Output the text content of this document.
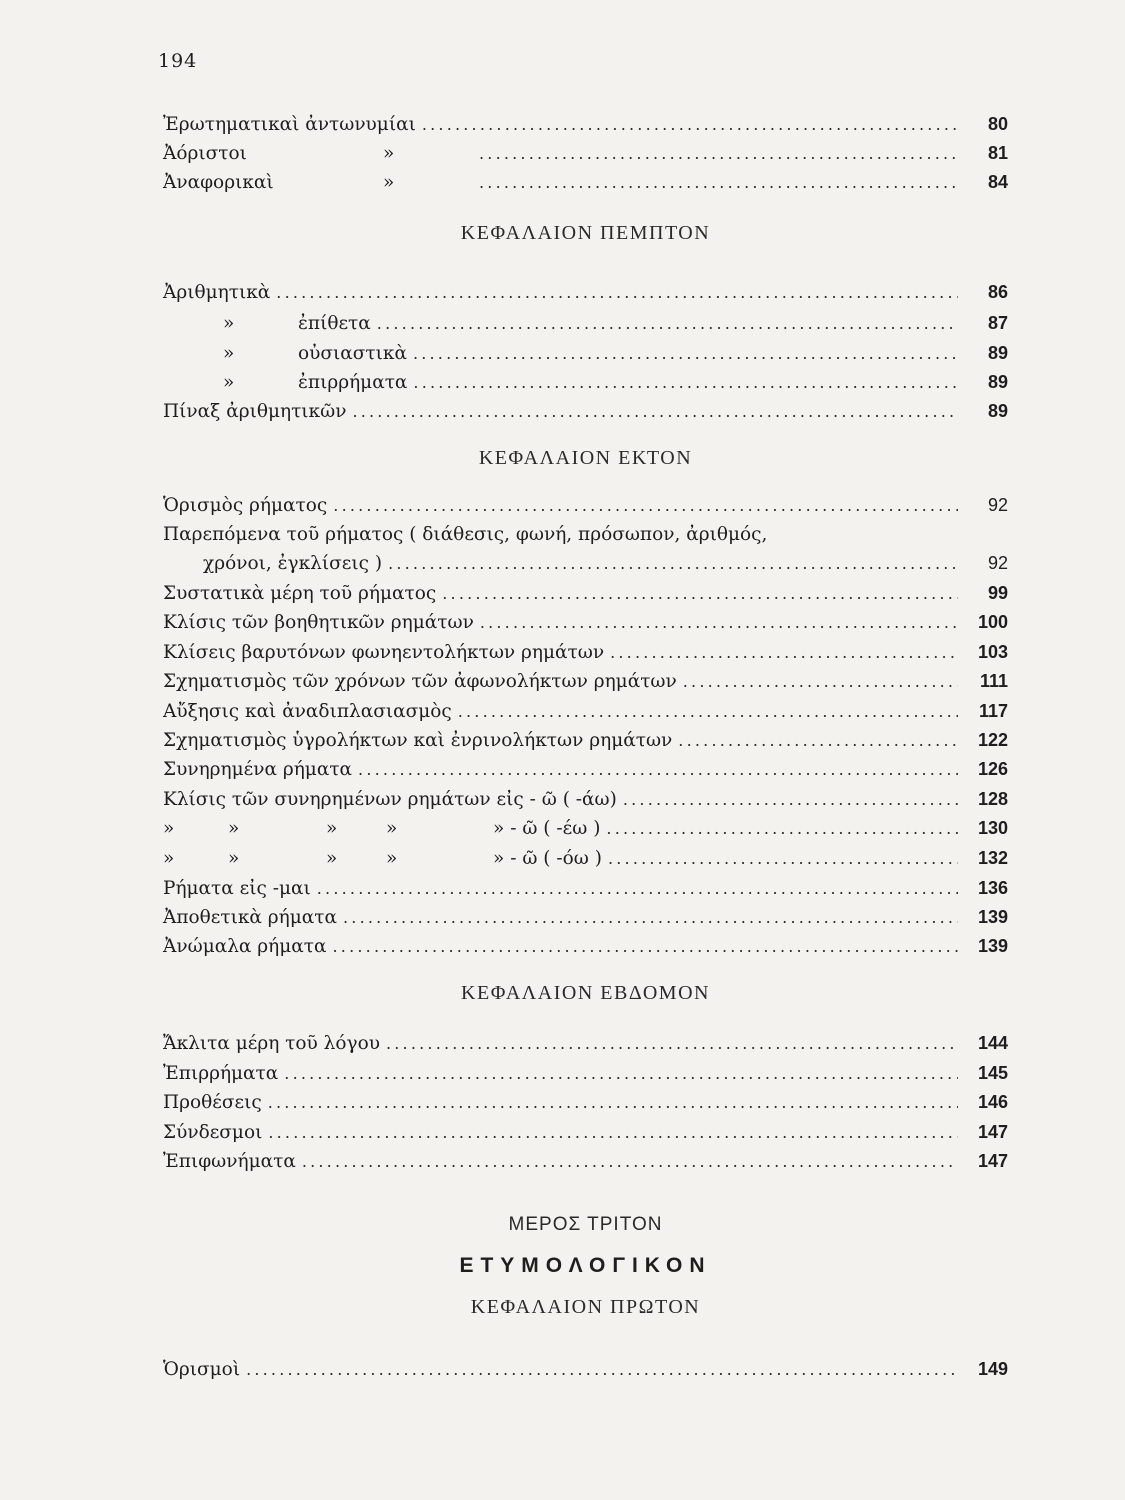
194
Ἐρωτηματικαὶ ἀντωνυμίαι .....	80
Ἀόριστοι	» .....	81
Ἀναφορικαὶ	» .....	84
ΚΕΦΑΛΑΙΟΝ ΠΕΜΠΤΟΝ
Ἀριθμητικὰ .....	86
»	ἐπίθετα .....	87
»	οὐσιαστικὰ .....	89
»	ἐπιρρήματα .....	89
Πίναξ ἀριθμητικῶν .....	89
ΚΕΦΑΛΑΙΟΝ ΕΚΤΟΝ
Ὁρισμὸς ρήματος .....	92
Παρεπόμενα τοῦ ρήματος ( διάθεσις, φωνή, πρόσωπον, ἀριθμός,
χρόνοι, ἐγκλίσεις ) .....	92
Συστατικὰ μέρη τοῦ ρήματος .....	99
Κλίσις τῶν βοηθητικῶν ρημάτων .....	100
Κλίσεις βαρυτόνων φωνηεντολήκτων ρημάτων .....	103
Σχηματισμὸς τῶν χρόνων τῶν ἀφωνολήκτων ρημάτων .....	111
Αὔξησις καὶ ἀναδιπλασιασμὸς .....	117
Σχηματισμὸς ὑγρολήκτων καὶ ἐνρινολήκτων ρημάτων .....	122
Συνηρημένα ρήματα .....	126
Κλίσις τῶν συνηρημένων ρημάτων εἰς - ῶ ( -άω) .....	128
»	»	»	»	» - ῶ ( -έω ) .....	130
»	»	»	»	» - ῶ ( -όω ) .....	132
Ρήματα εἰς -μαι .....	136
Ἀποθετικὰ ρήματα .....	139
Ἀνώμαλα ρήματα .....	139
ΚΕΦΑΛΑΙΟΝ ΕΒΔΟΜΟΝ
Ἄκλιτα μέρη τοῦ λόγου .....	144
Ἐπιρρήματα .....	145
Προθέσεις .....	146
Σύνδεσμοι .....	147
Ἐπιφωνήματα .....	147
ΜΕΡΟΣ ΤΡΙΤΟΝ
ΕΤΥΜΟΛΟΓΙΚΟΝ
ΚΕΦΑΛΑΙΟΝ ΠΡΩΤΟΝ
Ὁρισμοὶ .....	149
